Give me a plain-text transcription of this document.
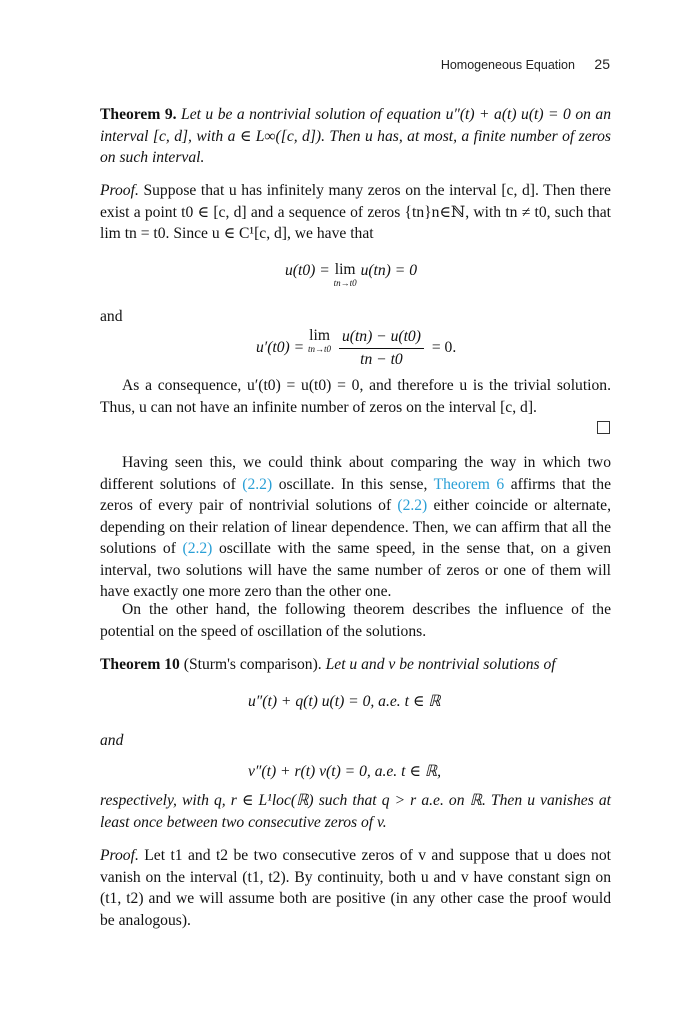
Homogeneous Equation 25

Theorem 9. Let u be a nontrivial solution of equation u″(t) + a(t) u(t) = 0 on an interval [c, d], with a ∈ L∞([c, d]). Then u has, at most, a finite number of zeros on such interval.

Proof. Suppose that u has infinitely many zeros on the interval [c, d]. Then there exist a point t0 ∈ [c, d] and a sequence of zeros {tn}n∈ℕ, with tn ≠ t0, such that lim tn = t0. Since u ∈ C¹[c, d], we have that

u(t0) = lim
tn→t0
u(tn) = 0

and

u′(t0) = lim
tn→t0
$\frac{u(tn) - u(t0)}{tn - t0} = 0$.

As a consequence, u′(t0) = u(t0) = 0, and therefore u is the trivial solution. Thus, u can not have an infinite number of zeros on the interval [c, d].

Having seen this, we could think about comparing the way in which two different solutions of (2.2) oscillate. In this sense, Theorem 6 affirms that the zeros of every pair of nontrivial solutions of (2.2) either coincide or alternate, depending on their relation of linear dependence. Then, we can affirm that all the solutions of (2.2) oscillate with the same speed, in the sense that, on a given interval, two solutions will have the same number of zeros or one of them will have exactly one more zero than the other one.

On the other hand, the following theorem describes the influence of the potential on the speed of oscillation of the solutions.

Theorem 10 (Sturm's comparison). Let u and v be nontrivial solutions of

u″(t) + q(t) u(t) = 0, a.e. t ∈ ℝ

and

v″(t) + r(t) v(t) = 0, a.e. t ∈ ℝ,

respectively, with q, r ∈ L¹loc(ℝ) such that q > r a.e. on ℝ. Then u vanishes at least once between two consecutive zeros of v.

Proof. Let t1 and t2 be two consecutive zeros of v and suppose that u does not vanish on the interval (t1, t2). By continuity, both u and v have constant sign on (t1, t2) and we will assume both are positive (in any other case the proof would be analogous).
